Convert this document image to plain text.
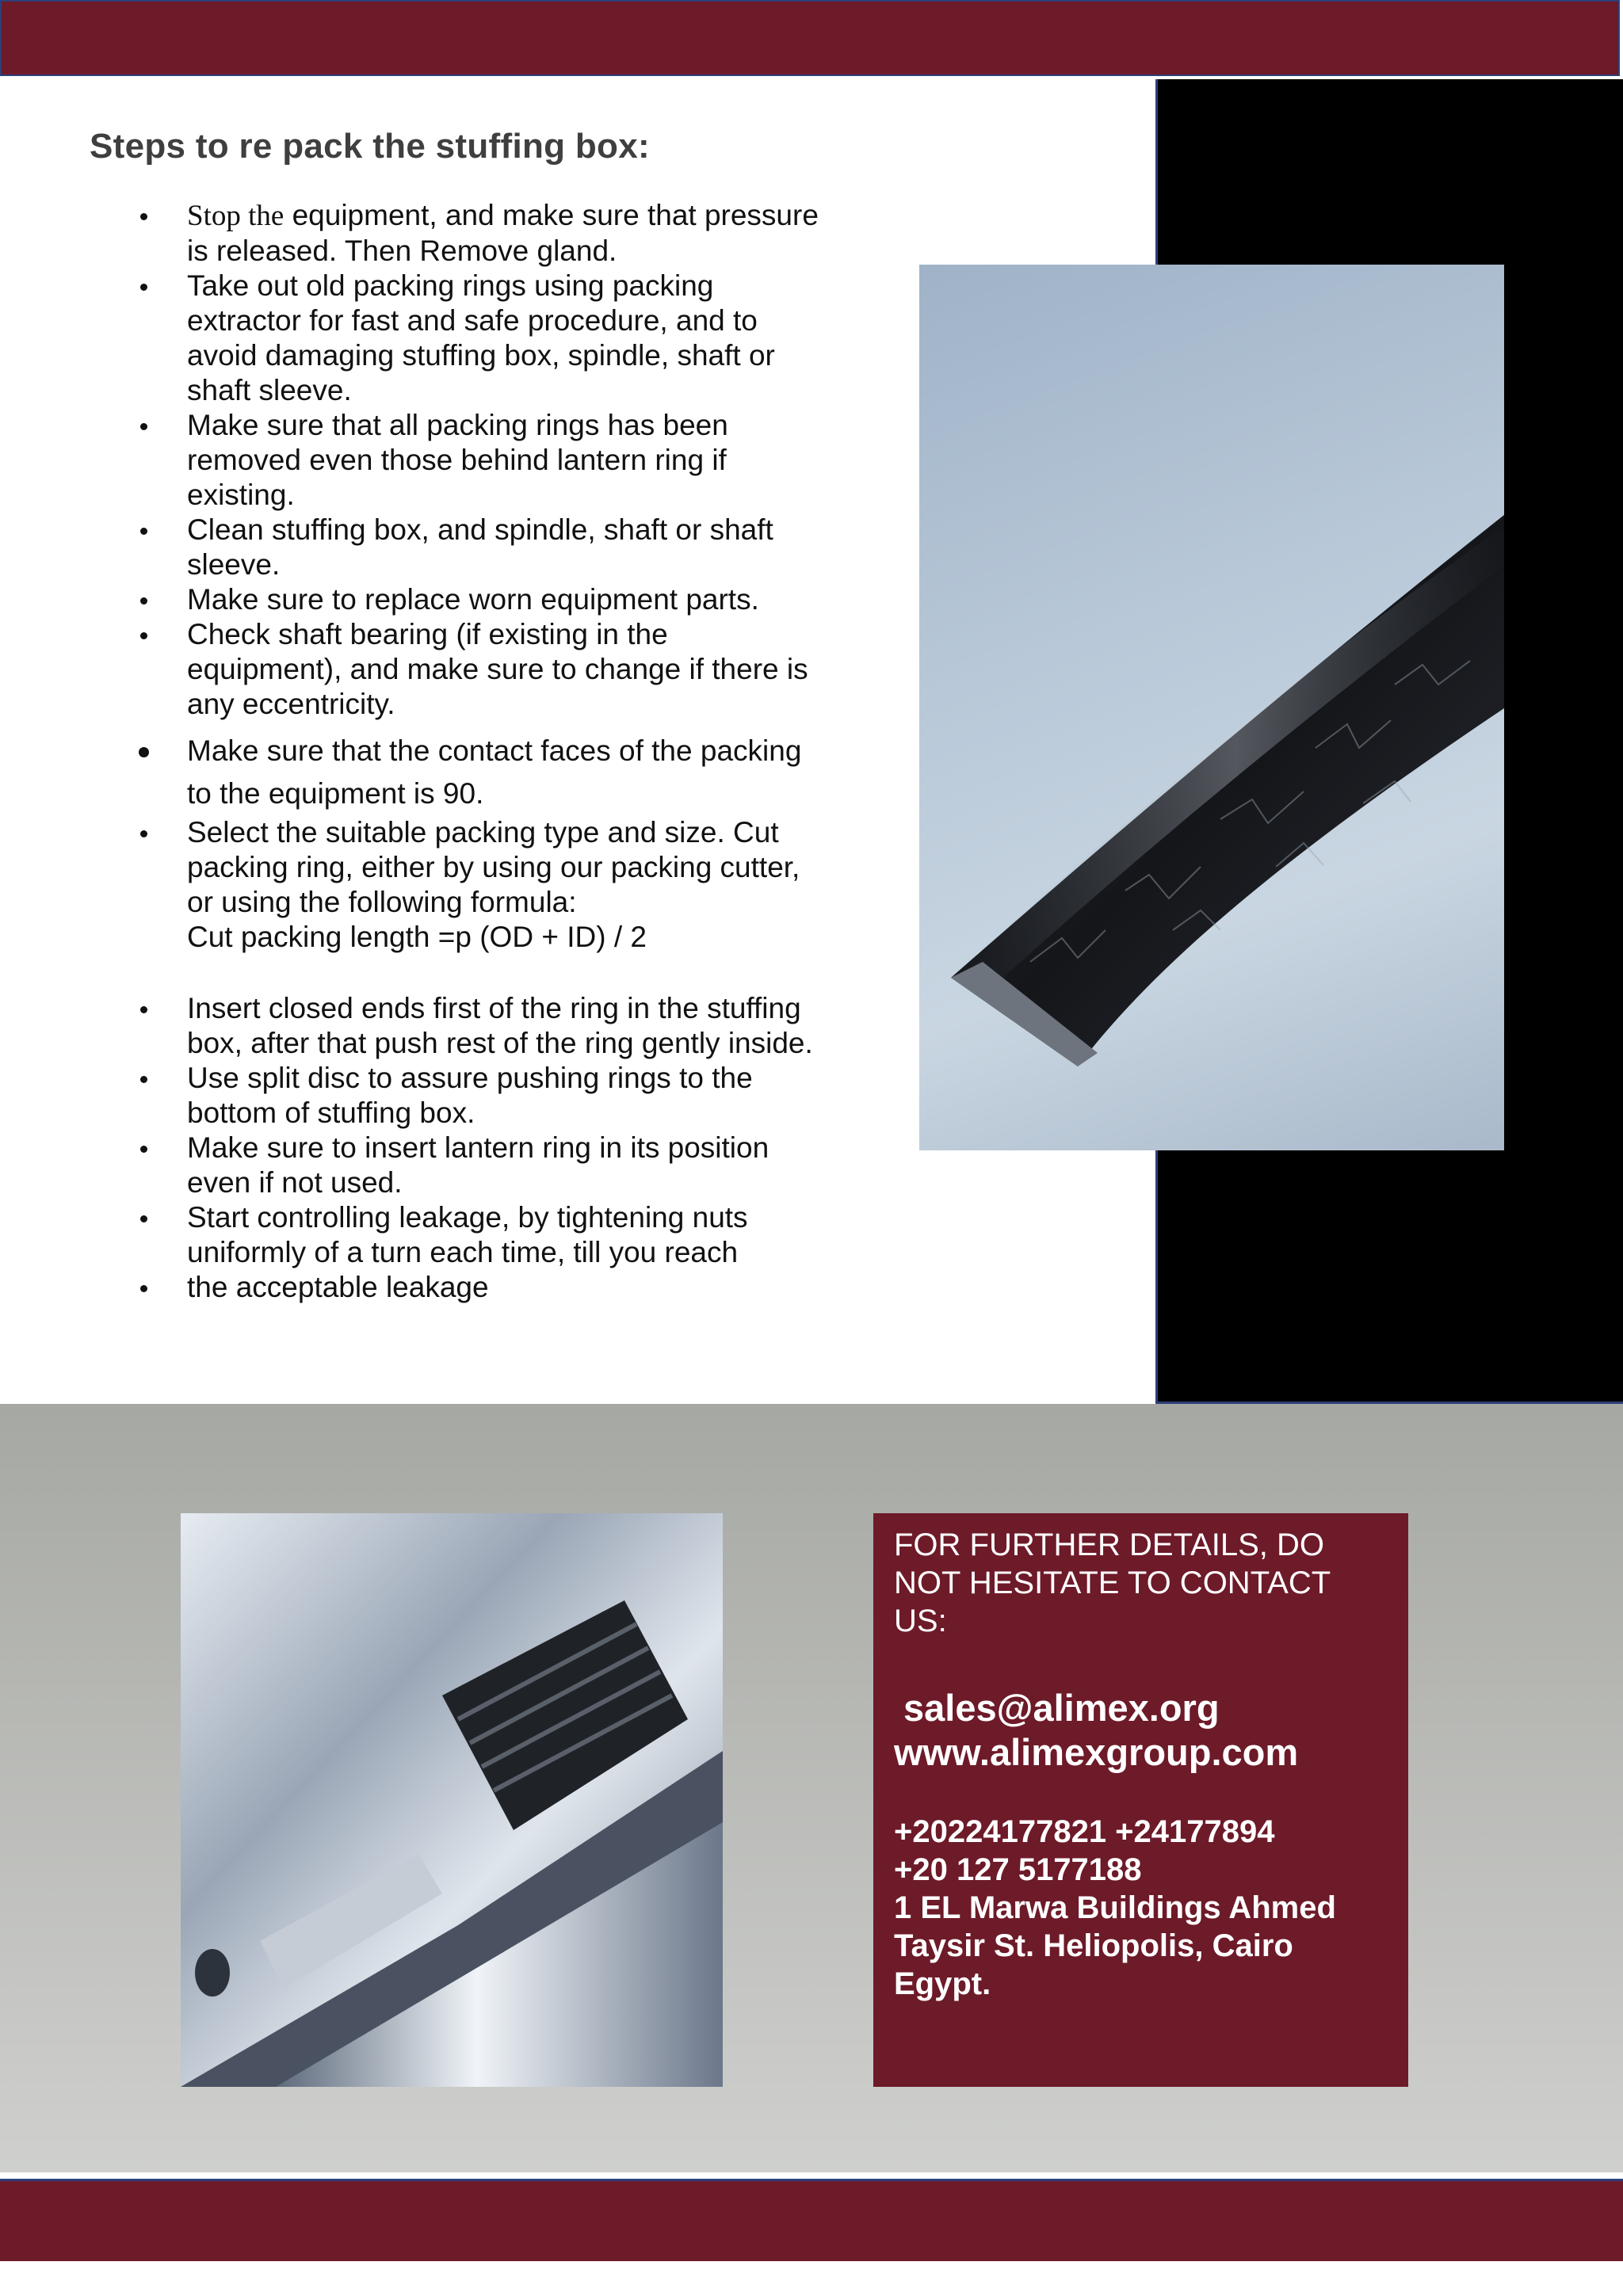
Steps to re pack the stuffing box:
Stop the equipment, and make sure that pressure is released. Then Remove gland.
Take out old packing rings using packing extractor for fast and safe procedure, and to avoid damaging stuffing box, spindle, shaft or shaft sleeve.
Make sure that all packing rings has been removed even those behind lantern ring if existing.
Clean stuffing box, and spindle, shaft or shaft sleeve.
Make sure to replace worn equipment parts.
Check shaft bearing (if existing in the equipment), and make sure to change if there is any eccentricity.
Make sure that the contact faces of the packing to the equipment is 90.
Select the suitable packing type and size. Cut packing ring, either by using our packing cutter, or using the following formula:
Cut packing length =p (OD + ID) / 2
Insert closed ends first of the ring in the stuffing box, after that push rest of the ring gently inside.
Use split disc to assure pushing rings to the bottom of stuffing box.
Make sure to insert lantern ring in its position even if not used.
Start controlling leakage, by tightening nuts uniformly of a turn each time, till you reach
the acceptable leakage

FOR FURTHER DETAILS, DO NOT HESITATE TO CONTACT US:

sales@alimex.org

www.alimexgroup.com

+20224177821 +24177894

+20 127 5177188

1 EL Marwa Buildings Ahmed

Taysir St. Heliopolis, Cairo

Egypt.
